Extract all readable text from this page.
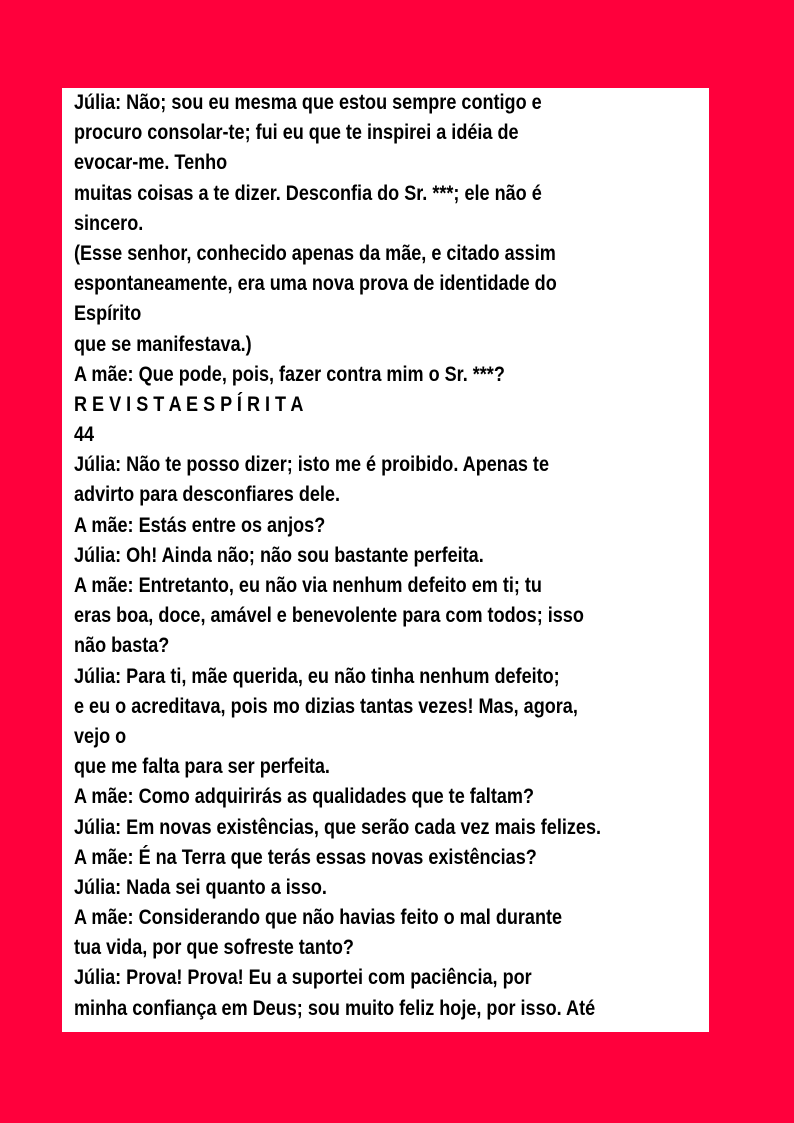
Júlia: Não; sou eu mesma que estou sempre contigo e
procuro consolar-te; fui eu que te inspirei a idéia de
evocar-me. Tenho
muitas coisas a te dizer. Desconfia do Sr. ***; ele não é
sincero.
(Esse senhor, conhecido apenas da mãe, e citado assim
espontaneamente, era uma nova prova de identidade do
Espírito
que se manifestava.)
A mãe: Que pode, pois, fazer contra mim o Sr. ***?
R E V I S T A E S P Í R I T A
44
Júlia: Não te posso dizer; isto me é proibido. Apenas te
advirto para desconfiares dele.
A mãe: Estás entre os anjos?
Júlia: Oh! Ainda não; não sou bastante perfeita.
A mãe: Entretanto, eu não via nenhum defeito em ti; tu
eras boa, doce, amável e benevolente para com todos; isso
não basta?
Júlia: Para ti, mãe querida, eu não tinha nenhum defeito;
e eu o acreditava, pois mo dizias tantas vezes! Mas, agora,
vejo o
que me falta para ser perfeita.
A mãe: Como adquirirás as qualidades que te faltam?
Júlia: Em novas existências, que serão cada vez mais felizes.
A mãe: É na Terra que terás essas novas existências?
Júlia: Nada sei quanto a isso.
A mãe: Considerando que não havias feito o mal durante
tua vida, por que sofreste tanto?
Júlia: Prova! Prova! Eu a suportei com paciência, por
minha confiança em Deus; sou muito feliz hoje, por isso. Até
